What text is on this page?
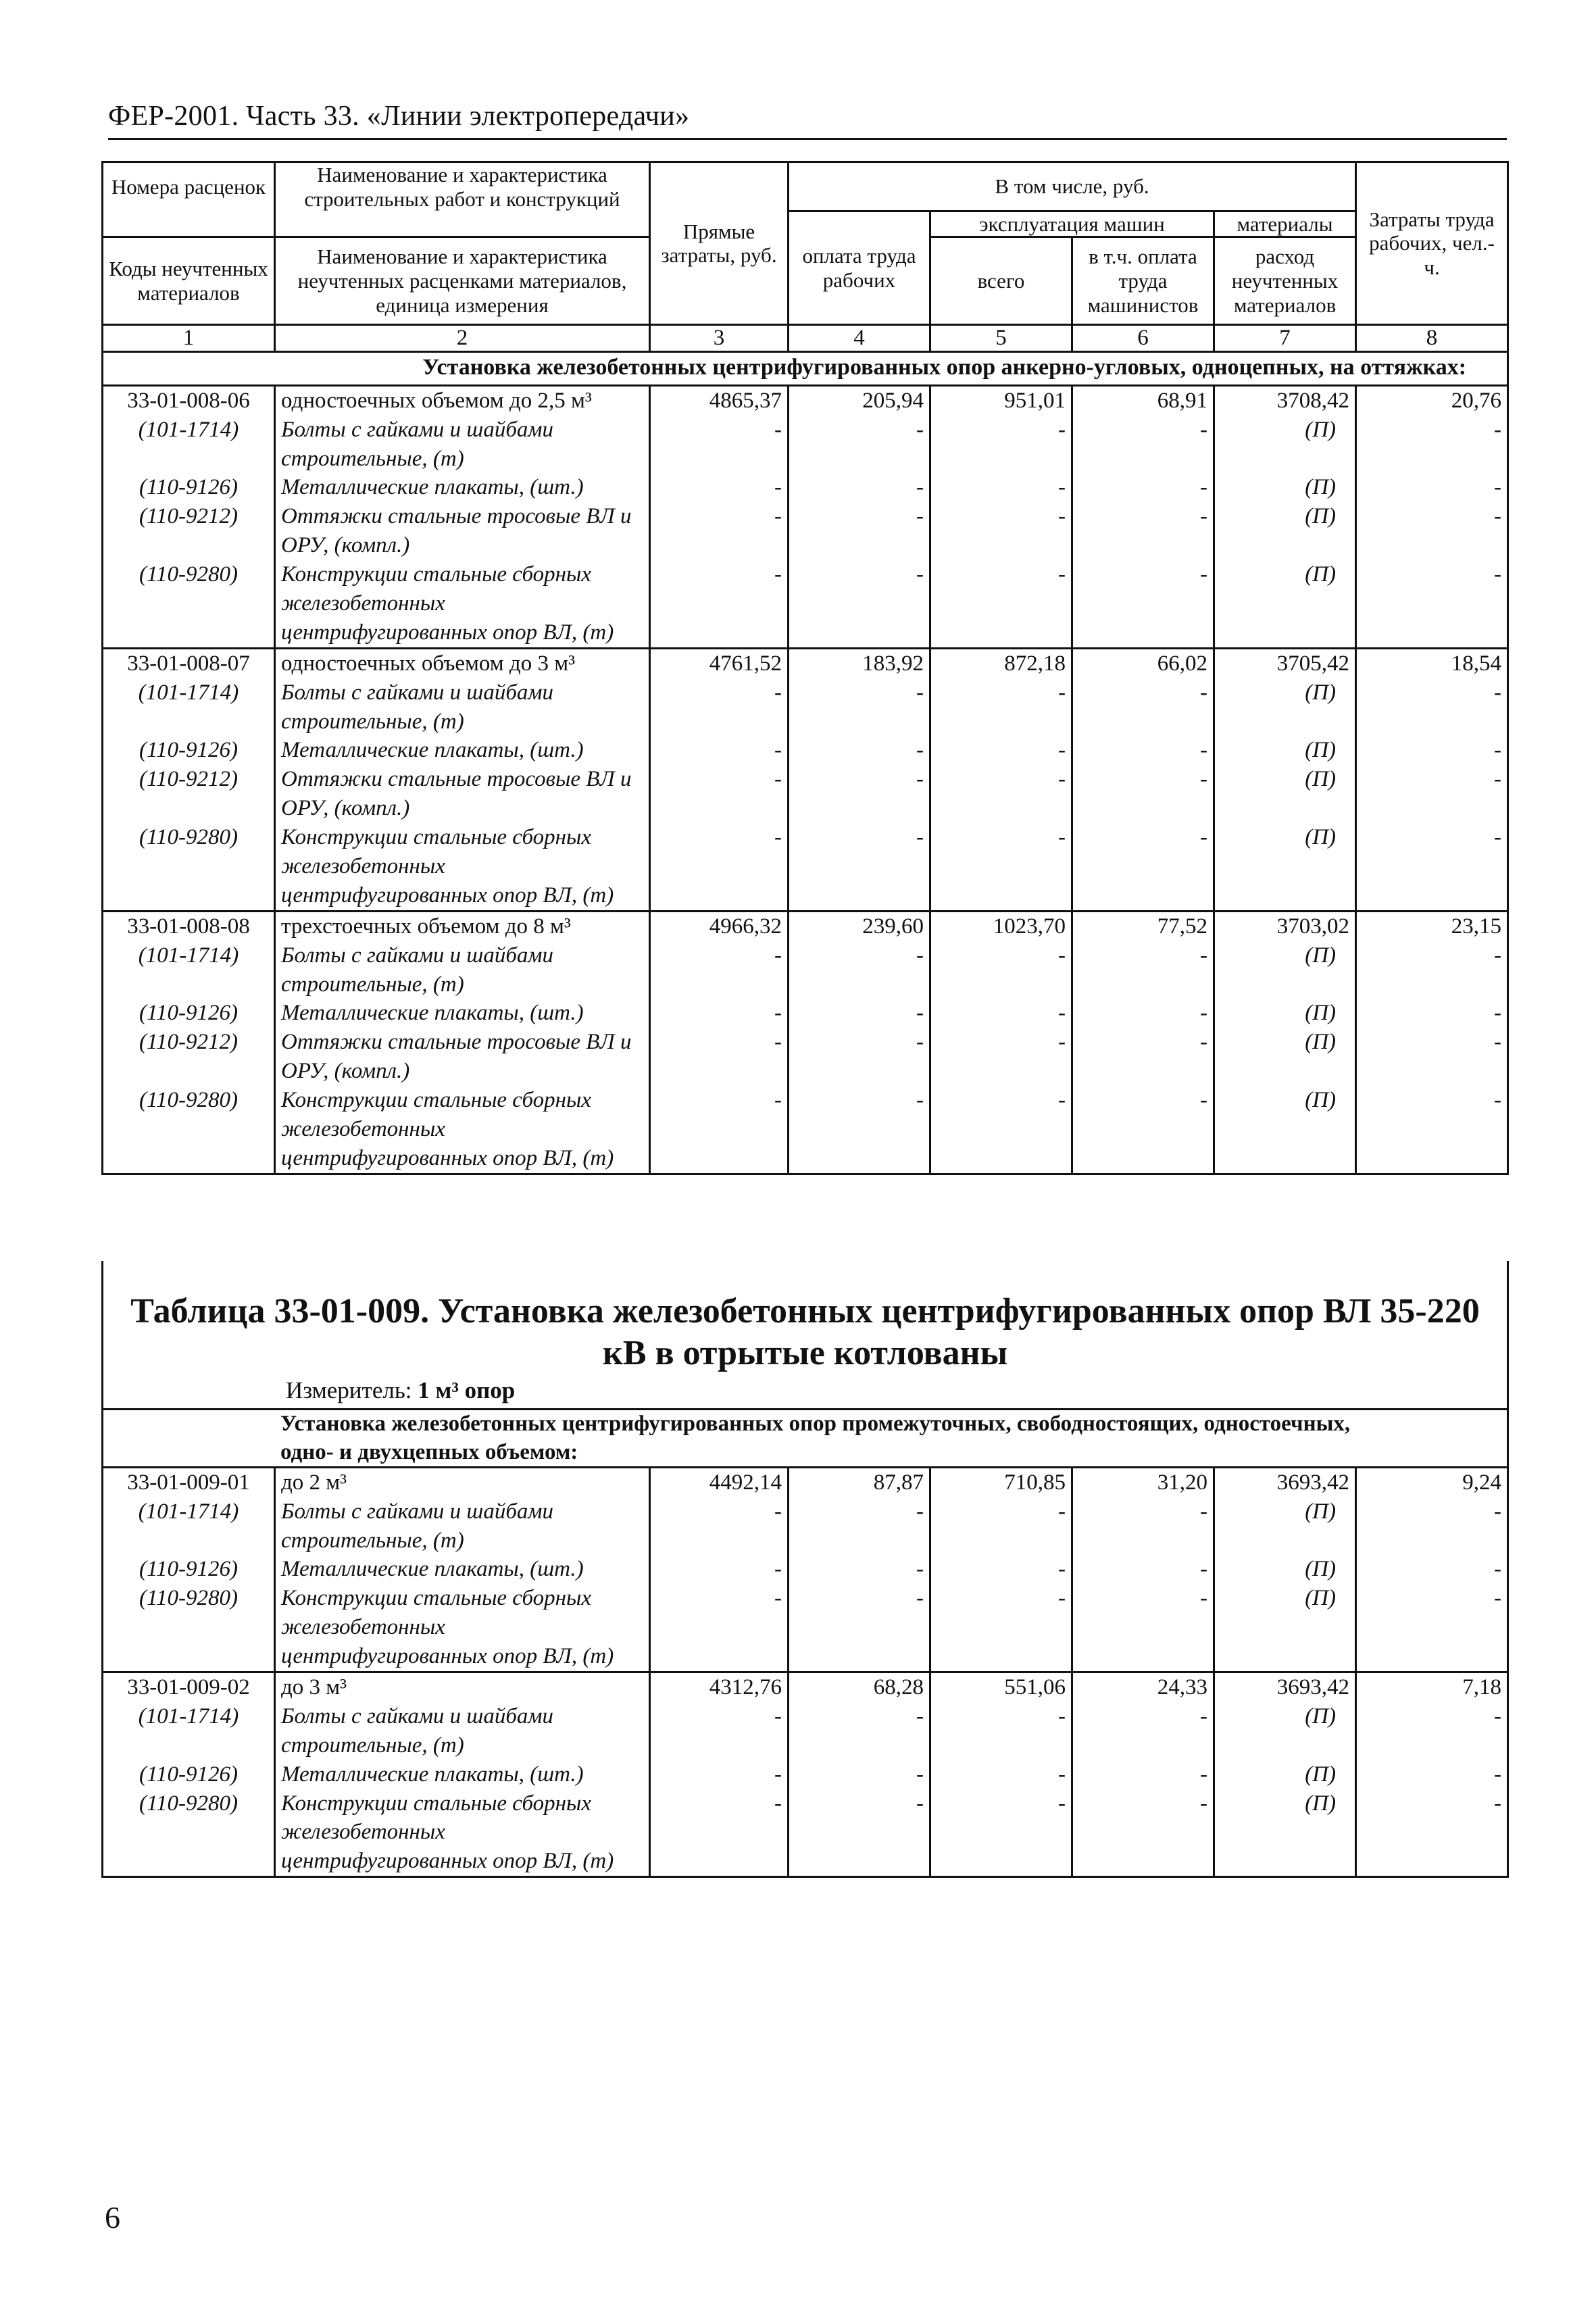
ФЕР-2001. Часть 33. «Линии электропередачи»
Номера расценок	Наименование и характеристика строительных работ и конструкций	Прямые затраты, руб.	В том числе, руб.				Затраты труда рабочих, чел.-ч.
			оплата труда рабочих	эксплуатация машин		материалы	
Коды неучтенных материалов	Наименование и характеристика неучтенных расценками материалов, единица измерения			всего	в т.ч. оплата труда машинистов	расход неучтенных материалов	

1	2	3	4	5	6	7	8
Установка железобетонных центрифугированных опор анкерно-угловых, одноцепных, на оттяжках:							
33-01-008-06	одностоечных объемом до 2,5 м³	4865,37	205,94	951,01	68,91	3708,42	20,76
(101-1714)	Болты с гайками и шайбами строительные, (т)	-	-	-	-	(П)	-
(110-9126)	Металлические плакаты, (шт.)	-	-	-	-	(П)	-
(110-9212)	Оттяжки стальные тросовые ВЛ и ОРУ, (компл.)	-	-	-	-	(П)	-
(110-9280)	Конструкции стальные сборных железобетонных центрифугированных опор ВЛ, (т)	-	-	-	-	(П)	-
33-01-008-07	одностоечных объемом до 3 м³	4761,52	183,92	872,18	66,02	3705,42	18,54
(101-1714)	Болты с гайками и шайбами строительные, (т)	-	-	-	-	(П)	-
(110-9126)	Металлические плакаты, (шт.)	-	-	-	-	(П)	-
(110-9212)	Оттяжки стальные тросовые ВЛ и ОРУ, (компл.)	-	-	-	-	(П)	-
(110-9280)	Конструкции стальные сборных железобетонных центрифугированных опор ВЛ, (т)	-	-	-	-	(П)	-
33-01-008-08	трехстоечных объемом до 8 м³	4966,32	239,60	1023,70	77,52	3703,02	23,15
(101-1714)	Болты с гайками и шайбами строительные, (т)	-	-	-	-	(П)	-
(110-9126)	Металлические плакаты, (шт.)	-	-	-	-	(П)	-
(110-9212)	Оттяжки стальные тросовые ВЛ и ОРУ, (компл.)	-	-	-	-	(П)	-
(110-9280)	Конструкции стальные сборных железобетонных центрифугированных опор ВЛ, (т)	-	-	-	-	(П)	-
Таблица 33-01-009. Установка железобетонных центрифугированных опор ВЛ 35-220 кВ в отрытые котлованы
Измеритель: 1 м³ опор							

Установка железобетонных центрифугированных опор промежуточных, свободностоящих, одностоечных, одно- и двухцепных объемом:							
33-01-009-01	до 2 м³	4492,14	87,87	710,85	31,20	3693,42	9,24
(101-1714)	Болты с гайками и шайбами строительные, (т)	-	-	-	-	(П)	-
(110-9126)	Металлические плакаты, (шт.)	-	-	-	-	(П)	-
(110-9280)	Конструкции стальные сборных железобетонных центрифугированных опор ВЛ, (т)	-	-	-	-	(П)	-
33-01-009-02	до 3 м³	4312,76	68,28	551,06	24,33	3693,42	7,18
(101-1714)	Болты с гайками и шайбами строительные, (т)	-	-	-	-	(П)	-
(110-9126)	Металлические плакаты, (шт.)	-	-	-	-	(П)	-
(110-9280)	Конструкции стальные сборных железобетонных центрифугированных опор ВЛ, (т)	-	-	-	-	(П)	-
6
